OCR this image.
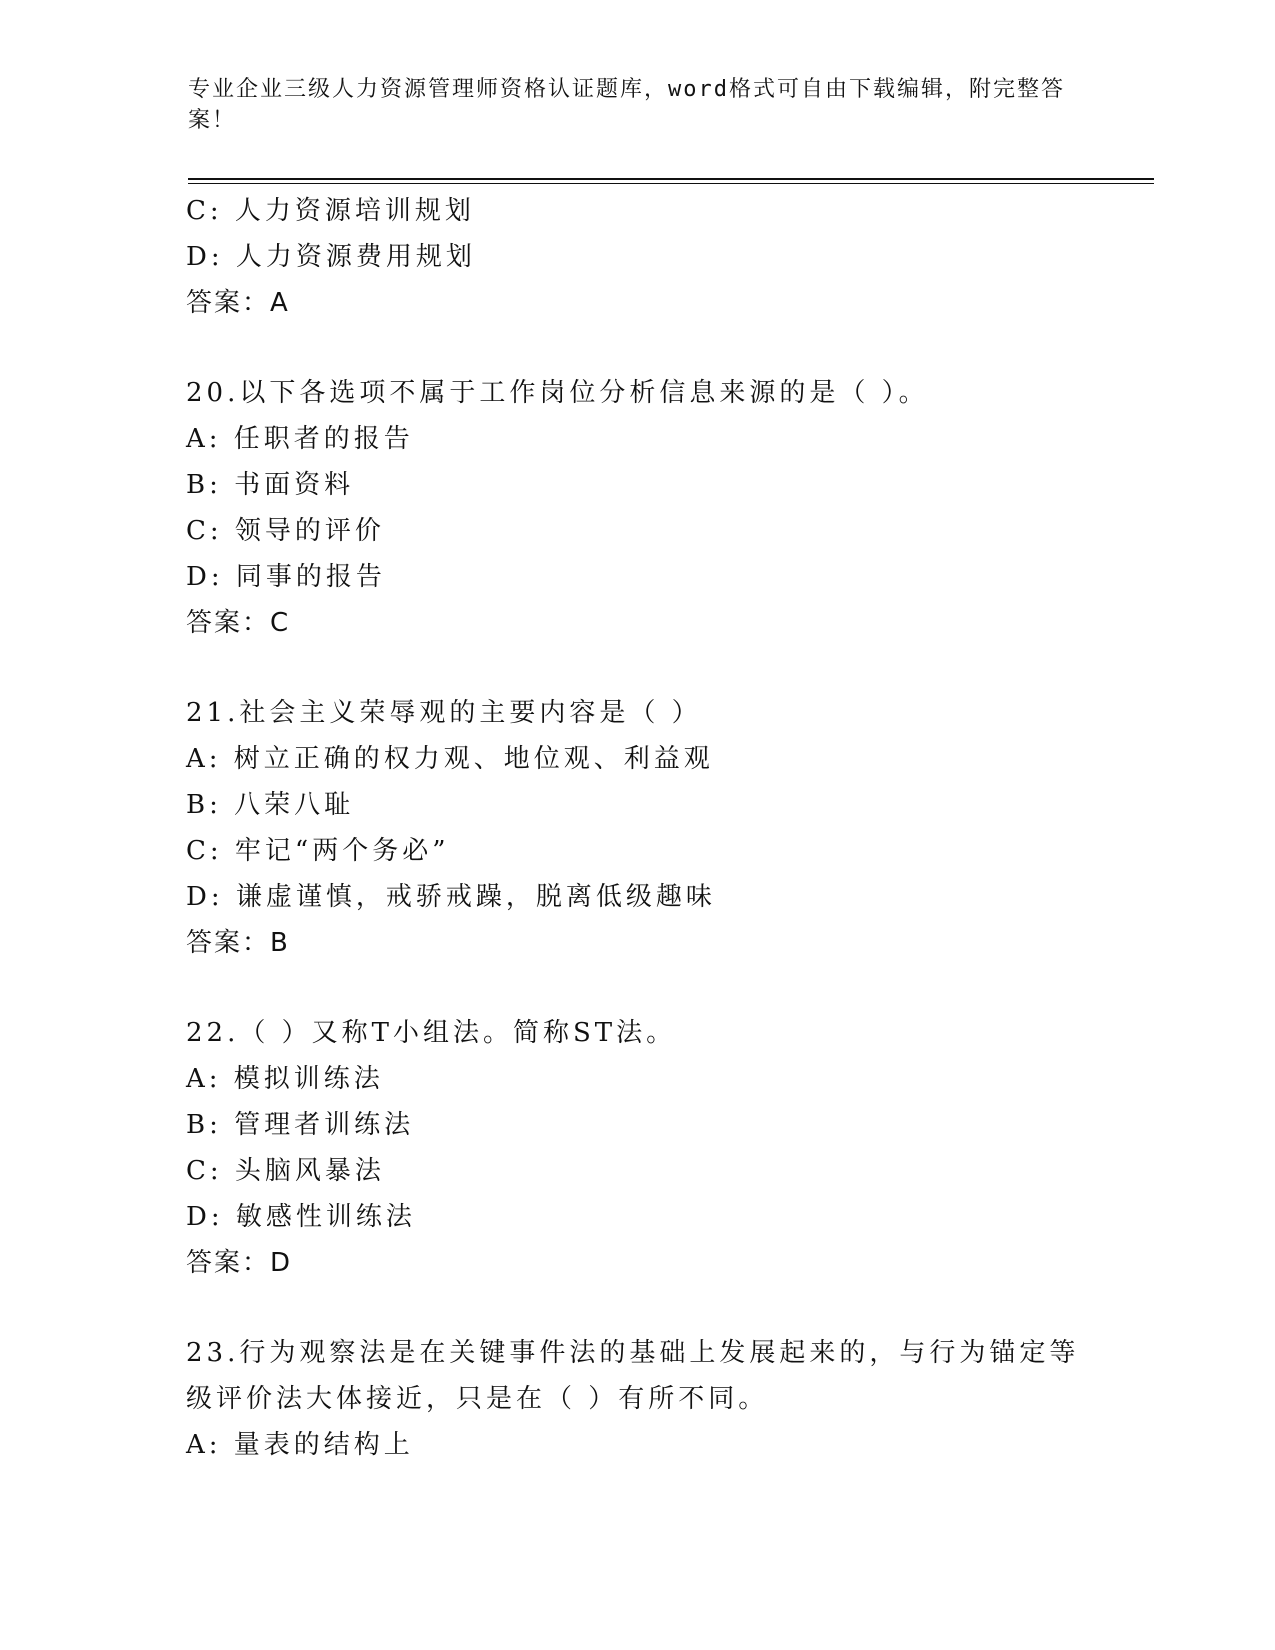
专业企业三级人力资源管理师资格认证题库，word格式可自由下载编辑，附完整答案！
C: 人力资源培训规划
D: 人力资源费用规划
答案：A
20.以下各选项不属于工作岗位分析信息来源的是（ ）。
A: 任职者的报告
B: 书面资料
C: 领导的评价
D: 同事的报告
答案：C
21.社会主义荣辱观的主要内容是（ ）
A: 树立正确的权力观、地位观、利益观
B: 八荣八耻
C: 牢记“两个务必”
D: 谦虚谨慎，戒骄戒躁，脱离低级趣味
答案：B
22.（ ）又称T小组法。简称ST法。
A: 模拟训练法
B: 管理者训练法
C: 头脑风暴法
D: 敏感性训练法
答案：D
23.行为观察法是在关键事件法的基础上发展起来的，与行为锚定等级评价法大体接近，只是在（ ）有所不同。
A: 量表的结构上
